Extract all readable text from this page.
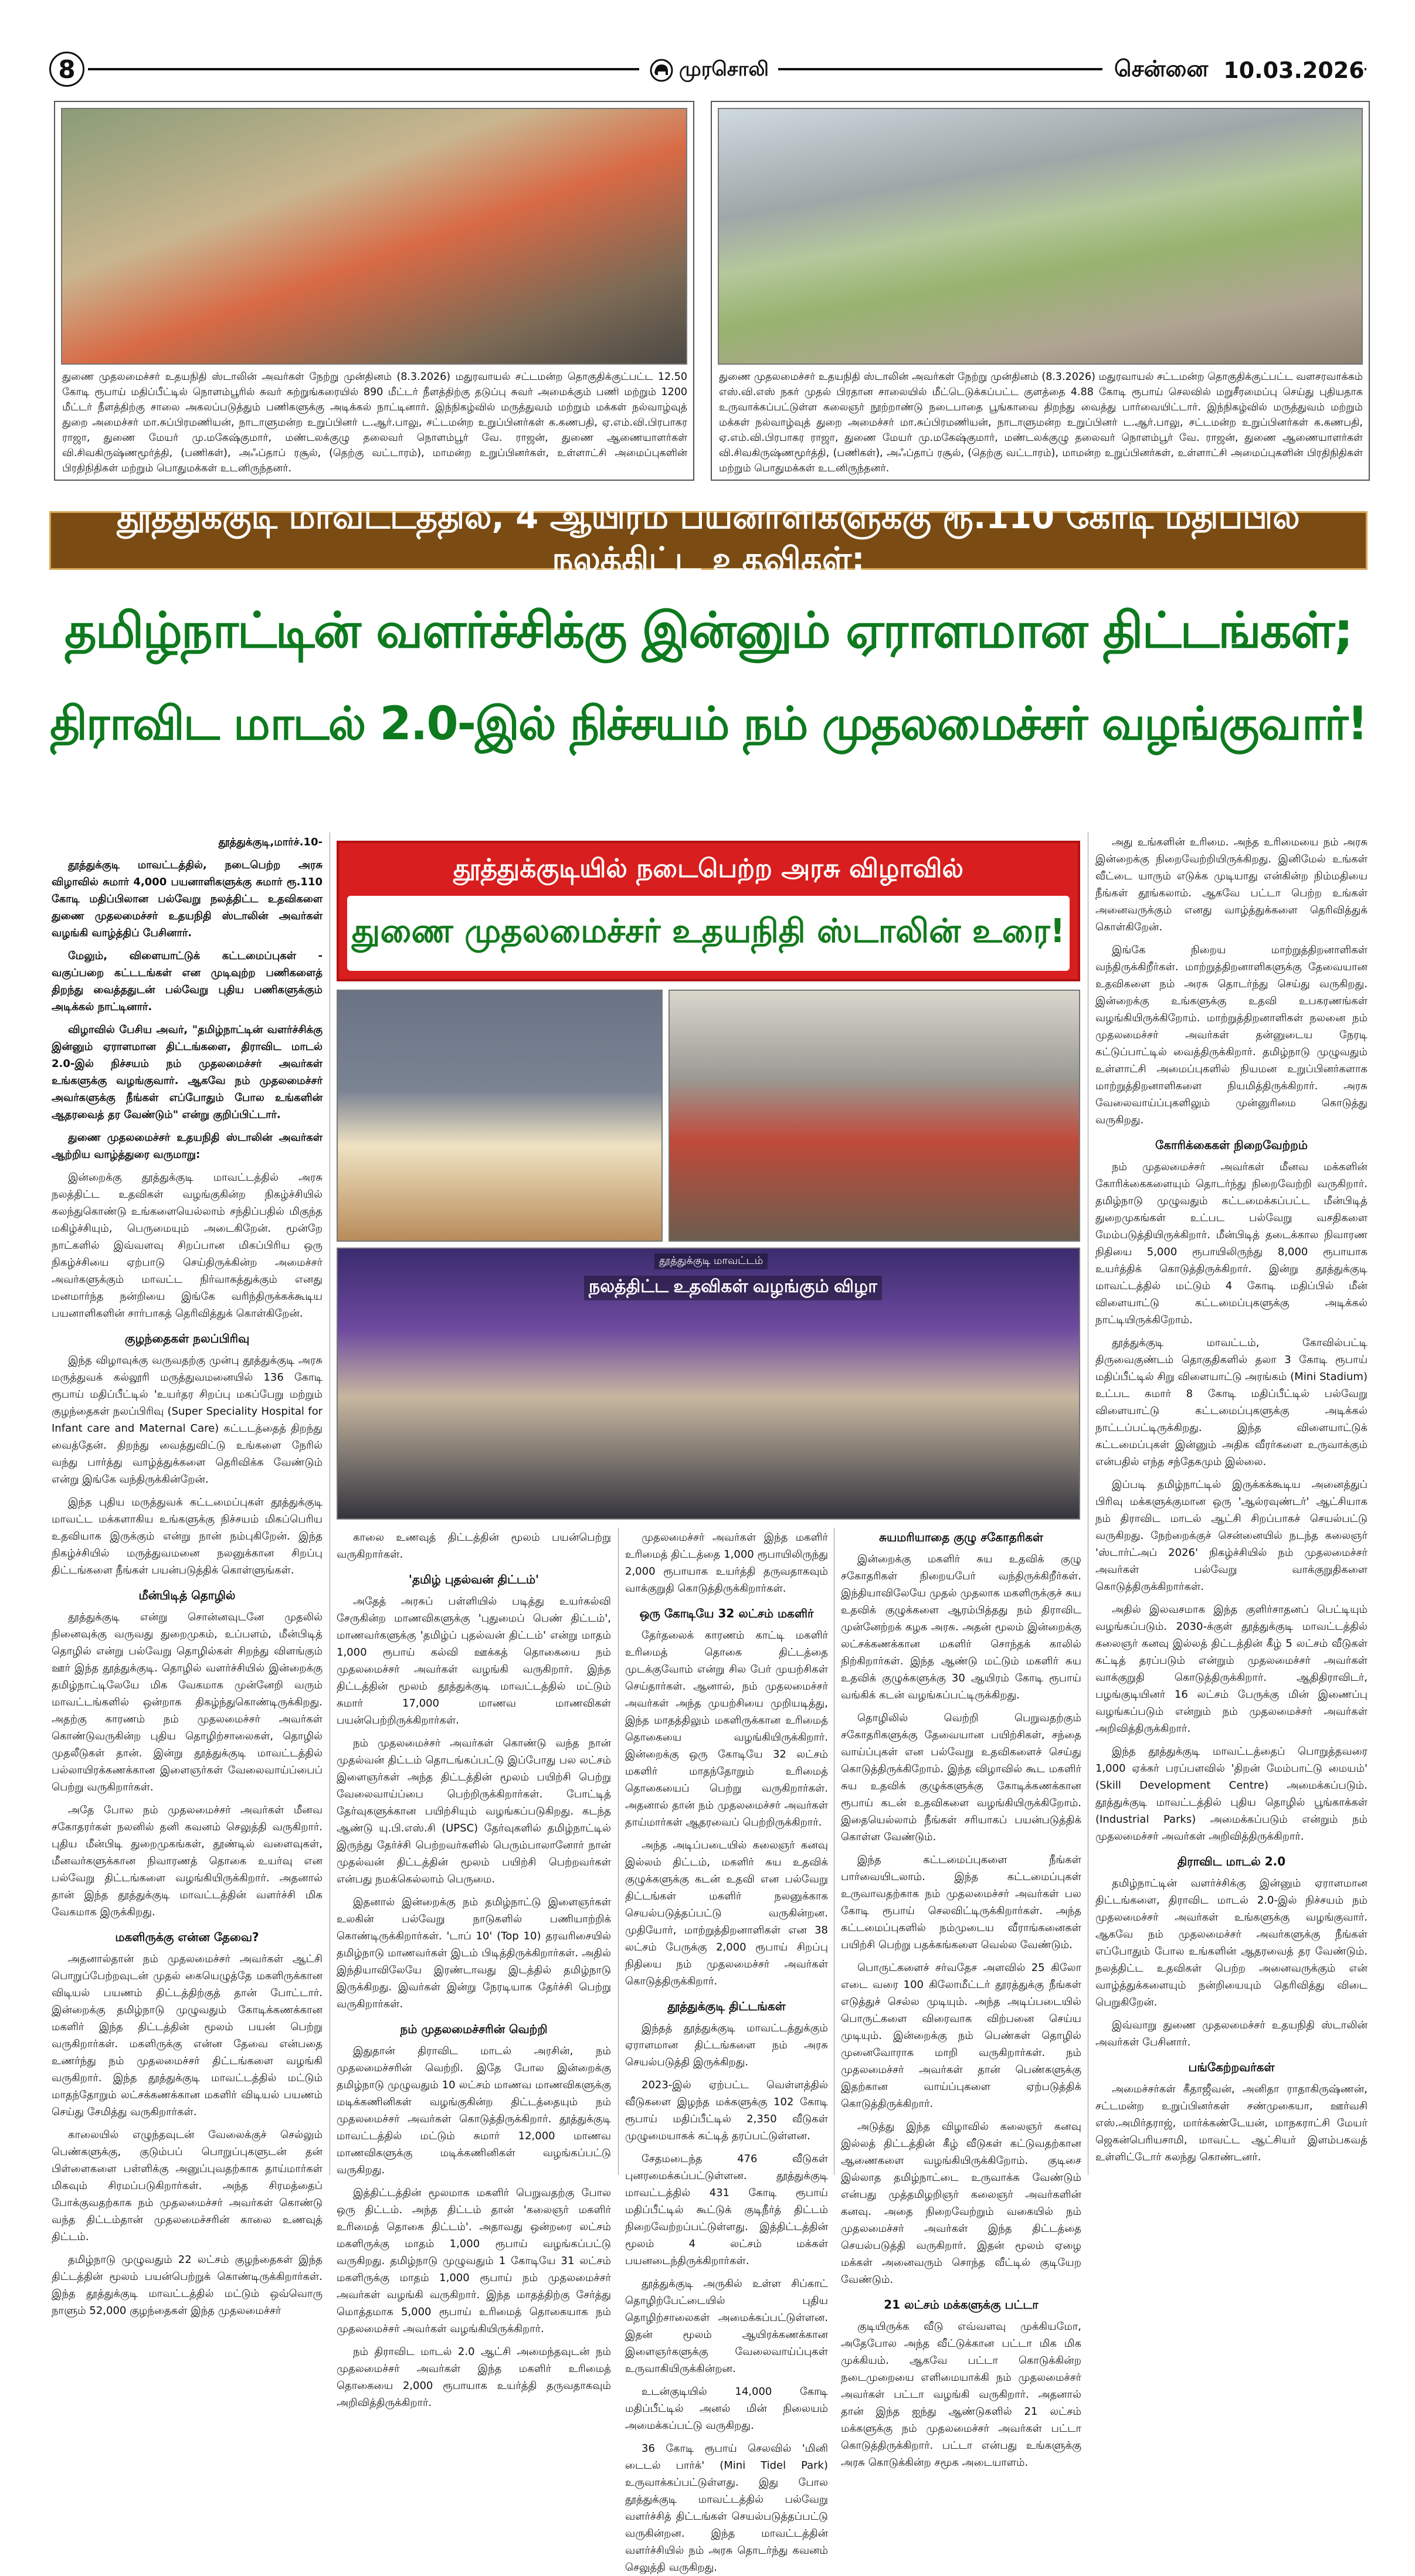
8	முரசொலி	சென்னை 10.03.2026
துணை முதலமைச்சர் உதயநிதி ஸ்டாலின் அவர்கள் நேற்று முன்தினம் (8.3.2026) மதுரவாயல் சட்டமன்ற தொகுதிக்குட்பட்ட 12.50 கோடி ரூபாய் மதிப்பீட்டில் நொளம்பூரில் சுவர் சுற்றுங்கரையில் 890 மீட்டர் நீளத்திற்கு தடுப்பு சுவர் அமைக்கும் பணி மற்றும் 1200 மீட்டர் நீளத்திற்கு சாலை அகலப்படுத்தும் பணிகளுக்கு அடிக்கல் நாட்டினார். இந்நிகழ்வில் மருத்துவம் மற்றும் மக்கள் நல்வாழ்வுத் துறை அமைச்சர் மா.சுப்பிரமணியன், நாடாளுமன்ற உறுப்பினர் ட.ஆர்.பாலு, சட்டமன்ற உறுப்பினர்கள் க.கணபதி, ஏ.எம்.வி.பிரபாகர ராஜா, துணை மேயர் மு.மகேஷ்குமார், மண்டலக்குழு தலைவர் நொளம்பூர் வே. ராஜன், துணை ஆணையாளர்கள் வி.சிவகிருஷ்ணமூர்த்தி, (பணிகள்), அஃப்தாப் ரசூல், (தெற்கு வட்டாரம்), மாமன்ற உறுப்பினர்கள், உள்ளாட்சி அமைப்புகளின் பிரதிநிதிகள் மற்றும் பொதுமக்கள் உடனிருந்தனர்.
துணை முதலமைச்சர் உதயநிதி ஸ்டாலின் அவர்கள் நேற்று முன்தினம் (8.3.2026) மதுரவாயல் சட்டமன்ற தொகுதிக்குட்பட்ட வளசரவாக்கம் எஸ்.வி.எஸ் நகர் முதல் பிரதான சாலையில் மீட்டெடுக்கப்பட்ட குளத்தை 4.88 கோடி ரூபாய் செலவில் மறுசீரமைப்பு செய்து புதியதாக உருவாக்கப்பட்டுள்ள கலைஞர் நூற்றாண்டு நடைபாதை பூங்காவை திறந்து வைத்து பார்வையிட்டார். இந்நிகழ்வில் மருத்துவம் மற்றும் மக்கள் நல்வாழ்வுத் துறை அமைச்சர் மா.சுப்பிரமணியன், நாடாளுமன்ற உறுப்பினர் ட.ஆர்.பாலு, சட்டமன்ற உறுப்பினர்கள் க.கணபதி, ஏ.எம்.வி.பிரபாகர ராஜா, துணை மேயர் மு.மகேஷ்குமார், மண்டலக்குழு தலைவர் நொளம்பூர் வே. ராஜன், துணை ஆணையாளர்கள் வி.சிவகிருஷ்ணமூர்த்தி, (பணிகள்), அஃப்தாப் ரசூல், (தெற்கு வட்டாரம்), மாமன்ற உறுப்பினர்கள், உள்ளாட்சி அமைப்புகளின் பிரதிநிதிகள் மற்றும் பொதுமக்கள் உடனிருந்தனர்.
தூத்துக்குடி மாவட்டத்தில், 4 ஆயிரம் பயனாளிகளுக்கு ரூ.110 கோடி மதிப்பில் நலத்திட்ட உதவிகள்:
தமிழ்நாட்டின் வளர்ச்சிக்கு இன்னும் ஏராளமான திட்டங்கள்;
திராவிட மாடல் 2.0-இல் நிச்சயம் நம் முதலமைச்சர் வழங்குவார்!
தூத்துக்குடியில் நடைபெற்ற அரசு விழாவில்
துணை முதலமைச்சர் உதயநிதி ஸ்டாலின் உரை!
தூத்துக்குடி மாவட்டம்
நலத்திட்ட உதவிகள் வழங்கும் விழா

தூத்துக்குடி,மார்ச்.10-

தூத்துக்குடி மாவட்டத்தில், நடைபெற்ற அரசு விழாவில் சுமார் 4,000 பயனாளிகளுக்கு சுமார் ரூ.110 கோடி மதிப்பிலான பல்வேறு நலத்திட்ட உதவிகளை துணை முதலமைச்சர் உதயநிதி ஸ்டாலின் அவர்கள் வழங்கி வாழ்த்திப் பேசினார்.

மேலும், விளையாட்டுக் கட்டமைப்புகள் - வகுப்பறை கட்டடங்கள் என முடிவுற்ற பணிகளைத் திறந்து வைத்ததுடன் பல்வேறு புதிய பணிகளுக்கும் அடிக்கல் நாட்டினார்.

விழாவில் பேசிய அவர், "தமிழ்நாட்டின் வளர்ச்சிக்கு இன்னும் ஏராளமான திட்டங்களை, திராவிட மாடல் 2.0-இல் நிச்சயம் நம் முதலமைச்சர் அவர்கள் உங்களுக்கு வழங்குவார். ஆகவே நம் முதலமைச்சர் அவர்களுக்கு நீங்கள் எப்போதும் போல உங்களின் ஆதரவைத் தர வேண்டும்" என்று குறிப்பிட்டார்.

துணை முதலமைச்சர் உதயநிதி ஸ்டாலின் அவர்கள் ஆற்றிய வாழ்த்துரை வருமாறு:

இன்றைக்கு தூத்துக்குடி மாவட்டத்தில் அரசு நலத்திட்ட உதவிகள் வழங்குகின்ற நிகழ்ச்சியில் கலந்துகொண்டு உங்களையெல்லாம் சந்திப்பதில் மிகுந்த மகிழ்ச்சியும், பெருமையும் அடைகிறேன். மூன்றே நாட்களில் இவ்வளவு சிறப்பான மிகப்பிரிய ஒரு நிகழ்ச்சியை ஏற்பாடு செய்திருக்கின்ற அமைச்சர் அவர்களுக்கும் மாவட்ட நிர்வாகத்துக்கும் எனது மனமார்ந்த நன்றியை இங்கே வரிந்திருக்கக்கூடிய பயனாளிகளின் சார்பாகத் தெரிவித்துக் கொள்கிறேன்.

குழந்தைகள் நலப்பிரிவு

இந்த விழாவுக்கு வருவதற்கு முன்பு தூத்துக்குடி அரசு மருத்துவக் கல்லூரி மருத்துவமனையில் 136 கோடி ரூபாய் மதிப்பீட்டில் 'உயர்தர சிறப்பு மகப்பேறு மற்றும் குழந்தைகள் நலப்பிரிவு (Super Speciality Hospital for Infant care and Maternal Care) கட்டடத்தைத் திறந்து வைத்தேன். திறந்து வைத்துவிட்டு உங்களை நேரில் வந்து பார்த்து வாழ்த்துக்களை தெரிவிக்க வேண்டும் என்று இங்கே வந்திருக்கின்றேன்.

இந்த புதிய மருத்துவக் கட்டமைப்புகள் தூத்துக்குடி மாவட்ட மக்களாகிய உங்களுக்கு நிச்சயம் மிகப்பெரிய உதவியாக இருக்கும் என்று நான் நம்புகிறேன். இந்த நிகழ்ச்சியில் மருத்துவமனை நலனுக்கான சிறப்பு திட்டங்களை நீங்கள் பயன்படுத்திக் கொள்ளுங்கள்.

மீன்பிடித் தொழில்

தூத்துக்குடி என்று சொன்னவுடனே முதலில் நினைவுக்கு வருவது துறைமுகம், உப்பளம், மீன்பிடித் தொழில் என்று பல்வேறு தொழில்கள் சிறந்து விளங்கும் ஊர் இந்த தூத்துக்குடி. தொழில் வளர்ச்சியில் இன்றைக்கு தமிழ்நாட்டிலேயே மிக வேகமாக முன்னேறி வரும் மாவட்டங்களில் ஒன்றாக திகழ்ந்துகொண்டிருக்கிறது. அதற்கு காரணம் நம் முதலமைச்சர் அவர்கள் கொண்டுவருகின்ற புதிய தொழிற்சாலைகள், தொழில் முதலீடுகள் தான். இன்று தூத்துக்குடி மாவட்டத்தில் பல்லாயிரக்கணக்கான இளைஞர்கள் வேலைவாய்ப்பைப் பெற்று வருகிறார்கள்.

அதே போல நம் முதலமைச்சர் அவர்கள் மீனவ சகோதரர்கள் நலனில் தனி கவனம் செலுத்தி வருகிறார். புதிய மீன்பிடி துறைமுகங்கள், தூண்டில் வளைவுகள், மீனவர்களுக்கான நிவாரணத் தொகை உயர்வு என பல்வேறு திட்டங்களை வழங்கியிருக்கிறார். அதனால் தான் இந்த தூத்துக்குடி மாவட்டத்தின் வளர்ச்சி மிக வேகமாக இருக்கிறது.

மகளிருக்கு என்ன தேவை?

அதனால்தான் நம் முதலமைச்சர் அவர்கள் ஆட்சி பொறுப்பேற்றவுடன் முதல் கையெழுத்தே மகளிருக்கான விடியல் பயணம் திட்டத்திற்குத் தான் போட்டார். இன்றைக்கு தமிழ்நாடு முழுவதும் கோடிக்கணக்கான மகளிர் இந்த திட்டத்தின் மூலம் பயன் பெற்று வருகிறார்கள். மகளிருக்கு என்ன தேவை என்பதை உணர்ந்து நம் முதலமைச்சர் திட்டங்களை வழங்கி வருகிறார். இந்த தூத்துக்குடி மாவட்டத்தில் மட்டும் மாதந்தோறும் லட்சக்கணக்கான மகளிர் விடியல் பயணம் செய்து சேமித்து வருகிறார்கள்.

காலையில் எழுந்தவுடன் வேலைக்குச் செல்லும் பெண்களுக்கு, குடும்பப் பொறுப்புகளுடன் தன் பிள்ளைகளை பள்ளிக்கு அனுப்புவதற்காக தாய்மார்கள் மிகவும் சிரமப்படுகிறார்கள். அந்த சிரமத்தைப் போக்குவதற்காக நம் முதலமைச்சர் அவர்கள் கொண்டு வந்த திட்டம்தான் முதலமைச்சரின் காலை உணவுத் திட்டம்.

தமிழ்நாடு முழுவதும் 22 லட்சம் குழந்தைகள் இந்த திட்டத்தின் மூலம் பயன்பெற்றுக் கொண்டிருக்கிறார்கள். இந்த தூத்துக்குடி மாவட்டத்தில் மட்டும் ஒவ்வொரு நாளும் 52,000 குழந்தைகள் இந்த முதலமைச்சர்

காலை உணவுத் திட்டத்தின் மூலம் பயன்பெற்று வருகிறார்கள்.

'தமிழ் புதல்வன் திட்டம்'

அதேத் அரசுப் பள்ளியில் படித்து உயர்கல்வி சேருகின்ற மாணவிகளுக்கு 'புதுமைப் பெண் திட்டம்', மாணவர்களுக்கு 'தமிழ்ப் புதல்வன் திட்டம்' என்று மாதம் 1,000 ரூபாய் கல்வி ஊக்கத் தொகையை நம் முதலமைச்சர் அவர்கள் வழங்கி வருகிறார். இந்த திட்டத்தின் மூலம் தூத்துக்குடி மாவட்டத்தில் மட்டும் சுமார் 17,000 மாணவ மாணவிகள் பயன்பெற்றிருக்கிறார்கள்.

நம் முதலமைச்சர் அவர்கள் கொண்டு வந்த நான் முதல்வன் திட்டம் தொடங்கப்பட்டு இப்போது பல லட்சம் இளைஞர்கள் அந்த திட்டத்தின் மூலம் பயிற்சி பெற்று வேலைவாய்ப்பை பெற்றிருக்கிறார்கள். போட்டித் தேர்வுகளுக்கான பயிற்சியும் வழங்கப்படுகிறது. கடந்த ஆண்டு யு.பி.எஸ்.சி (UPSC) தேர்வுகளில் தமிழ்நாட்டில் இருந்து தேர்ச்சி பெற்றவர்களில் பெரும்பாலானோர் நான் முதல்வன் திட்டத்தின் மூலம் பயிற்சி பெற்றவர்கள் என்பது நமக்கெல்லாம் பெருமை.

இதனால் இன்றைக்கு நம் தமிழ்நாட்டு இளைஞர்கள் உலகின் பல்வேறு நாடுகளில் பணியாற்றிக் கொண்டிருக்கிறார்கள். 'டாப் 10' (Top 10) தரவரிசையில் தமிழ்நாடு மாணவர்கள் இடம் பிடித்திருக்கிறார்கள். அதில் இந்தியாவிலேயே இரண்டாவது இடத்தில் தமிழ்நாடு இருக்கிறது. இவர்கள் இன்று நேரடியாக தேர்ச்சி பெற்று வருகிறார்கள்.

நம் முதலமைச்சரின் வெற்றி

இதுதான் திராவிட மாடல் அரசின், நம் முதலமைச்சரின் வெற்றி. இதே போல இன்றைக்கு தமிழ்நாடு முழுவதும் 10 லட்சம் மாணவ மாணவிகளுக்கு மடிக்கணினிகள் வழங்குகின்ற திட்டத்தையும் நம் முதலமைச்சர் அவர்கள் கொடுத்திருக்கிறார். தூத்துக்குடி மாவட்டத்தில் மட்டும் சுமார் 12,000 மாணவ மாணவிகளுக்கு மடிக்கணினிகள் வழங்கப்பட்டு வருகிறது.

இத்திட்டத்தின் மூலமாக மகளிர் பெறுவதற்கு போல ஒரு திட்டம். அந்த திட்டம் தான் 'கலைஞர் மகளிர் உரிமைத் தொகை திட்டம்'. அதாவது ஒன்றரை லட்சம் மகளிருக்கு மாதம் 1,000 ரூபாய் வழங்கப்பட்டு வருகிறது. தமிழ்நாடு முழுவதும் 1 கோடியே 31 லட்சம் மகளிருக்கு மாதம் 1,000 ரூபாய் நம் முதலமைச்சர் அவர்கள் வழங்கி வருகிறார். இந்த மாதத்திற்கு சேர்த்து மொத்தமாக 5,000 ரூபாய் உரிமைத் தொகையாக நம் முதலமைச்சர் அவர்கள் வழங்கியிருக்கிறார்.

நம் திராவிட மாடல் 2.0 ஆட்சி அமைந்தவுடன் நம் முதலமைச்சர் அவர்கள் இந்த மகளிர் உரிமைத் தொகையை 2,000 ரூபாயாக உயர்த்தி தருவதாகவும் அறிவித்திருக்கிறார்.

முதலமைச்சர் அவர்கள் இந்த மகளிர் உரிமைத் திட்டத்தை 1,000 ரூபாயிலிருந்து 2,000 ரூபாயாக உயர்த்தி தருவதாகவும் வாக்குறுதி கொடுத்திருக்கிறார்கள்.

ஒரு கோடியே 32 லட்சம் மகளிர்

தேர்தலைக் காரணம் காட்டி மகளிர் உரிமைத் தொகை திட்டத்தை முடக்குவோம் என்று சில பேர் முயற்சிகள் செய்தார்கள். ஆனால், நம் முதலமைச்சர் அவர்கள் அந்த முயற்சியை முறியடித்து, இந்த மாதத்திலும் மகளிருக்கான உரிமைத் தொகையை வழங்கியிருக்கிறார். இன்றைக்கு ஒரு கோடியே 32 லட்சம் மகளிர் மாதந்தோறும் உரிமைத் தொகையைப் பெற்று வருகிறார்கள். அதனால் தான் நம் முதலமைச்சர் அவர்கள் தாய்மார்கள் ஆதரவைப் பெற்றிருக்கிறார்.

அந்த அடிப்படையில் கலைஞர் கனவு இல்லம் திட்டம், மகளிர் சுய உதவிக் குழுக்களுக்கு கடன் உதவி என பல்வேறு திட்டங்கள் மகளிர் நலனுக்காக செயல்படுத்தப்பட்டு வருகின்றன. முதியோர், மாற்றுத்திறனாளிகள் என 38 லட்சம் பேருக்கு 2,000 ரூபாய் சிறப்பு நிதியை நம் முதலமைச்சர் அவர்கள் கொடுத்திருக்கிறார்.

தூத்துக்குடி திட்டங்கள்

இந்தத் தூத்துக்குடி மாவட்டத்துக்கும் ஏராளமான திட்டங்களை நம் அரசு செயல்படுத்தி இருக்கிறது.

2023-இல் ஏற்பட்ட வெள்ளத்தில் வீடுகளை இழந்த மக்களுக்கு 102 கோடி ரூபாய் மதிப்பீட்டில் 2,350 வீடுகள் முழுமையாகக் கட்டித் தரப்பட்டுள்ளன.

சேதமடைந்த 476 வீடுகள் புனரமைக்கப்பட்டுள்ளன. தூத்துக்குடி மாவட்டத்தில் 431 கோடி ரூபாய் மதிப்பீட்டில் கூட்டுக் குடிநீர்த் திட்டம் நிறைவேற்றப்பட்டுள்ளது. இத்திட்டத்தின் மூலம் 4 லட்சம் மக்கள் பயனடைந்திருக்கிறார்கள்.

தூத்துக்குடி அருகில் உள்ள சிப்காட் தொழிற்பேட்டையில் புதிய தொழிற்சாலைகள் அமைக்கப்பட்டுள்ளன. இதன் மூலம் ஆயிரக்கணக்கான இளைஞர்களுக்கு வேலைவாய்ப்புகள் உருவாகியிருக்கின்றன.

உடன்குடியில் 14,000 கோடி மதிப்பீட்டில் அனல் மின் நிலையம் அமைக்கப்பட்டு வருகிறது.

36 கோடி ரூபாய் செலவில் 'மினி டைடல் பார்க்' (Mini Tidel Park) உருவாக்கப்பட்டுள்ளது. இது போல தூத்துக்குடி மாவட்டத்தில் பல்வேறு வளர்ச்சித் திட்டங்கள் செயல்படுத்தப்பட்டு வருகின்றன. இந்த மாவட்டத்தின் வளர்ச்சியில் நம் அரசு தொடர்ந்து கவனம் செலுத்தி வருகிறது.

சுயமரியாதை குழு சகோதரிகள்

இன்றைக்கு மகளிர் சுய உதவிக் குழு சகோதரிகள் நிறையபேர் வந்திருக்கிறீர்கள். இந்தியாவிலேயே முதல் முதலாக மகளிருக்குச் சுய உதவிக் குழுக்களை ஆரம்பித்தது நம் திராவிட முன்னேற்றக் கழக அரசு. அதன் மூலம் இன்றைக்கு லட்சக்கணக்கான மகளிர் சொந்தக் காலில் நிற்கிறார்கள். இந்த ஆண்டு மட்டும் மகளிர் சுய உதவிக் குழுக்களுக்கு 30 ஆயிரம் கோடி ரூபாய் வங்கிக் கடன் வழங்கப்பட்டிருக்கிறது.

தொழிலில் வெற்றி பெறுவதற்கும் சகோதரிகளுக்கு தேவையான பயிற்சிகள், சந்தை வாய்ப்புகள் என பல்வேறு உதவிகளைச் செய்து கொடுத்திருக்கிறோம். இந்த விழாவில் கூட மகளிர் சுய உதவிக் குழுக்களுக்கு கோடிக்கணக்கான ரூபாய் கடன் உதவிகளை வழங்கியிருக்கிறோம். இதையெல்லாம் நீங்கள் சரியாகப் பயன்படுத்திக் கொள்ள வேண்டும்.

இந்த கட்டமைப்புகளை நீங்கள் பார்வையிடலாம். இந்த கட்டமைப்புகள் உருவாவதற்காக நம் முதலமைச்சர் அவர்கள் பல கோடி ரூபாய் செலவிட்டிருக்கிறார்கள். அந்த கட்டமைப்புகளில் நம்முடைய வீராங்கனைகள் பயிற்சி பெற்று பதக்கங்களை வெல்ல வேண்டும்.

பொருட்களைச் சர்வதேச அளவில் 25 கிலோ எடை வரை 100 கிலோமீட்டர் தூரத்துக்கு நீங்கள் எடுத்துச் செல்ல முடியும். அந்த அடிப்படையில் பொருட்களை விரைவாக விற்பனை செய்ய முடியும். இன்றைக்கு நம் பெண்கள் தொழில் முனைவோராக மாறி வருகிறார்கள். நம் முதலமைச்சர் அவர்கள் தான் பெண்களுக்கு இதற்கான வாய்ப்புகளை ஏற்படுத்திக் கொடுத்திருக்கிறார்.

அடுத்து இந்த விழாவில் கலைஞர் கனவு இல்லத் திட்டத்தின் கீழ் வீடுகள் கட்டுவதற்கான ஆணைகளை வழங்கியிருக்கிறோம். குடிசை இல்லாத தமிழ்நாட்டை உருவாக்க வேண்டும் என்பது முத்தமிழறிஞர் கலைஞர் அவர்களின் கனவு. அதை நிறைவேற்றும் வகையில் நம் முதலமைச்சர் அவர்கள் இந்த திட்டத்தை செயல்படுத்தி வருகிறார். இதன் மூலம் ஏழை மக்கள் அனைவரும் சொந்த வீட்டில் குடியேற வேண்டும்.

21 லட்சம் மக்களுக்கு பட்டா

குடியிருக்க வீடு எவ்வளவு முக்கியமோ, அதேபோல அந்த வீட்டுக்கான பட்டா மிக மிக முக்கியம். ஆகவே பட்டா கொடுக்கின்ற நடைமுறையை எளிமையாக்கி நம் முதலமைச்சர் அவர்கள் பட்டா வழங்கி வருகிறார். அதனால் தான் இந்த ஐந்து ஆண்டுகளில் 21 லட்சம் மக்களுக்கு நம் முதலமைச்சர் அவர்கள் பட்டா கொடுத்திருக்கிறார். பட்டா என்பது உங்களுக்கு அரசு கொடுக்கின்ற சமூக அடையாளம்.

அது உங்களின் உரிமை. அந்த உரிமையை நம் அரசு இன்றைக்கு நிறைவேற்றியிருக்கிறது. இனிமேல் உங்கள் வீட்டை யாரும் எடுக்க முடியாது என்கின்ற நிம்மதியை நீங்கள் தூங்கலாம். ஆகவே பட்டா பெற்ற உங்கள் அனைவருக்கும் எனது வாழ்த்துக்களை தெரிவித்துக் கொள்கிறேன்.

இங்கே நிறைய மாற்றுத்திறனாளிகள் வந்திருக்கிறீர்கள். மாற்றுத்திறனாளிகளுக்கு தேவையான உதவிகளை நம் அரசு தொடர்ந்து செய்து வருகிறது. இன்றைக்கு உங்களுக்கு உதவி உபகரணங்கள் வழங்கியிருக்கிறோம். மாற்றுத்திறனாளிகள் நலனை நம் முதலமைச்சர் அவர்கள் தன்னுடைய நேரடி கட்டுப்பாட்டில் வைத்திருக்கிறார். தமிழ்நாடு முழுவதும் உள்ளாட்சி அமைப்புகளில் நியமன உறுப்பினர்களாக மாற்றுத்திறனாளிகளை நியமித்திருக்கிறார். அரசு வேலைவாய்ப்புகளிலும் முன்னுரிமை கொடுத்து வருகிறது.

கோரிக்கைகள் நிறைவேற்றம்

நம் முதலமைச்சர் அவர்கள் மீனவ மக்களின் கோரிக்கைகளையும் தொடர்ந்து நிறைவேற்றி வருகிறார். தமிழ்நாடு முழுவதும் கட்டமைக்கப்பட்ட மீன்பிடித் துறைமுகங்கள் உட்பட பல்வேறு வசதிகளை மேம்படுத்தியிருக்கிறார். மீன்பிடித் தடைக்கால நிவாரண நிதியை 5,000 ரூபாயிலிருந்து 8,000 ரூபாயாக உயர்த்திக் கொடுத்திருக்கிறார். இன்று தூத்துக்குடி மாவட்டத்தில் மட்டும் 4 கோடி மதிப்பில் மீன் விளையாட்டு கட்டமைப்புகளுக்கு அடிக்கல் நாட்டியிருக்கிறோம்.

தூத்துக்குடி மாவட்டம், கோவில்பட்டி திருவைகுண்டம் தொகுதிகளில் தலா 3 கோடி ரூபாய் மதிப்பீட்டில் சிறு விளையாட்டு அரங்கம் (Mini Stadium) உட்பட சுமார் 8 கோடி மதிப்பீட்டில் பல்வேறு விளையாட்டு கட்டமைப்புகளுக்கு அடிக்கல் நாட்டப்பட்டிருக்கிறது. இந்த விளையாட்டுக் கட்டமைப்புகள் இன்னும் அதிக வீரர்களை உருவாக்கும் என்பதில் எந்த சந்தேகமும் இல்லை.

இப்படி தமிழ்நாட்டில் இருக்கக்கூடிய அனைத்துப் பிரிவு மக்களுக்குமான ஒரு 'ஆல்ரவுண்டர்' ஆட்சியாக நம் திராவிட மாடல் ஆட்சி சிறப்பாகச் செயல்பட்டு வருகிறது. நேற்றைக்குச் சென்னையில் நடந்த கலைஞர் 'ஸ்டார்ட்அப் 2026' நிகழ்ச்சியில் நம் முதலமைச்சர் அவர்கள் பல்வேறு வாக்குறுதிகளை கொடுத்திருக்கிறார்கள்.

அதில் இலவசமாக இந்த குளிர்சாதனப் பெட்டியும் வழங்கப்படும். 2030-க்குள் தூத்துக்குடி மாவட்டத்தில் கலைஞர் கனவு இல்லத் திட்டத்தின் கீழ் 5 லட்சம் வீடுகள் கட்டித் தரப்படும் என்றும் முதலமைச்சர் அவர்கள் வாக்குறுதி கொடுத்திருக்கிறார். ஆதிதிராவிடர், பழங்குடியினர் 16 லட்சம் பேருக்கு மின் இணைப்பு வழங்கப்படும் என்றும் நம் முதலமைச்சர் அவர்கள் அறிவித்திருக்கிறார்.

இந்த தூத்துக்குடி மாவட்டத்தைப் பொறுத்தவரை 1,000 ஏக்கர் பரப்பளவில் 'திறன் மேம்பாட்டு மையம்' (Skill Development Centre) அமைக்கப்படும். தூத்துக்குடி மாவட்டத்தில் புதிய தொழில் பூங்காக்கள் (Industrial Parks) அமைக்கப்படும் என்றும் நம் முதலமைச்சர் அவர்கள் அறிவித்திருக்கிறார்.

திராவிட மாடல் 2.0

தமிழ்நாட்டின் வளர்ச்சிக்கு இன்னும் ஏராளமான திட்டங்களை, திராவிட மாடல் 2.0-இல் நிச்சயம் நம் முதலமைச்சர் அவர்கள் உங்களுக்கு வழங்குவார். ஆகவே நம் முதலமைச்சர் அவர்களுக்கு நீங்கள் எப்போதும் போல உங்களின் ஆதரவைத் தர வேண்டும். நலத்திட்ட உதவிகள் பெற்ற அனைவருக்கும் என் வாழ்த்துக்களையும் நன்றியையும் தெரிவித்து விடை பெறுகிறேன்.

இவ்வாறு துணை முதலமைச்சர் உதயநிதி ஸ்டாலின் அவர்கள் பேசினார்.

பங்கேற்றவர்கள்

அமைச்சர்கள் கீதாஜீவன், அனிதா ராதாகிருஷ்ணன், சட்டமன்ற உறுப்பினர்கள் சண்முகையா, ஊர்வசி எஸ்.அமிர்தராஜ், மார்க்கண்டேயன், மாநகராட்சி மேயர் ஜெகன்பெரியசாமி, மாவட்ட ஆட்சியர் இளம்பகவத் உள்ளிட்டோர் கலந்து கொண்டனர்.
